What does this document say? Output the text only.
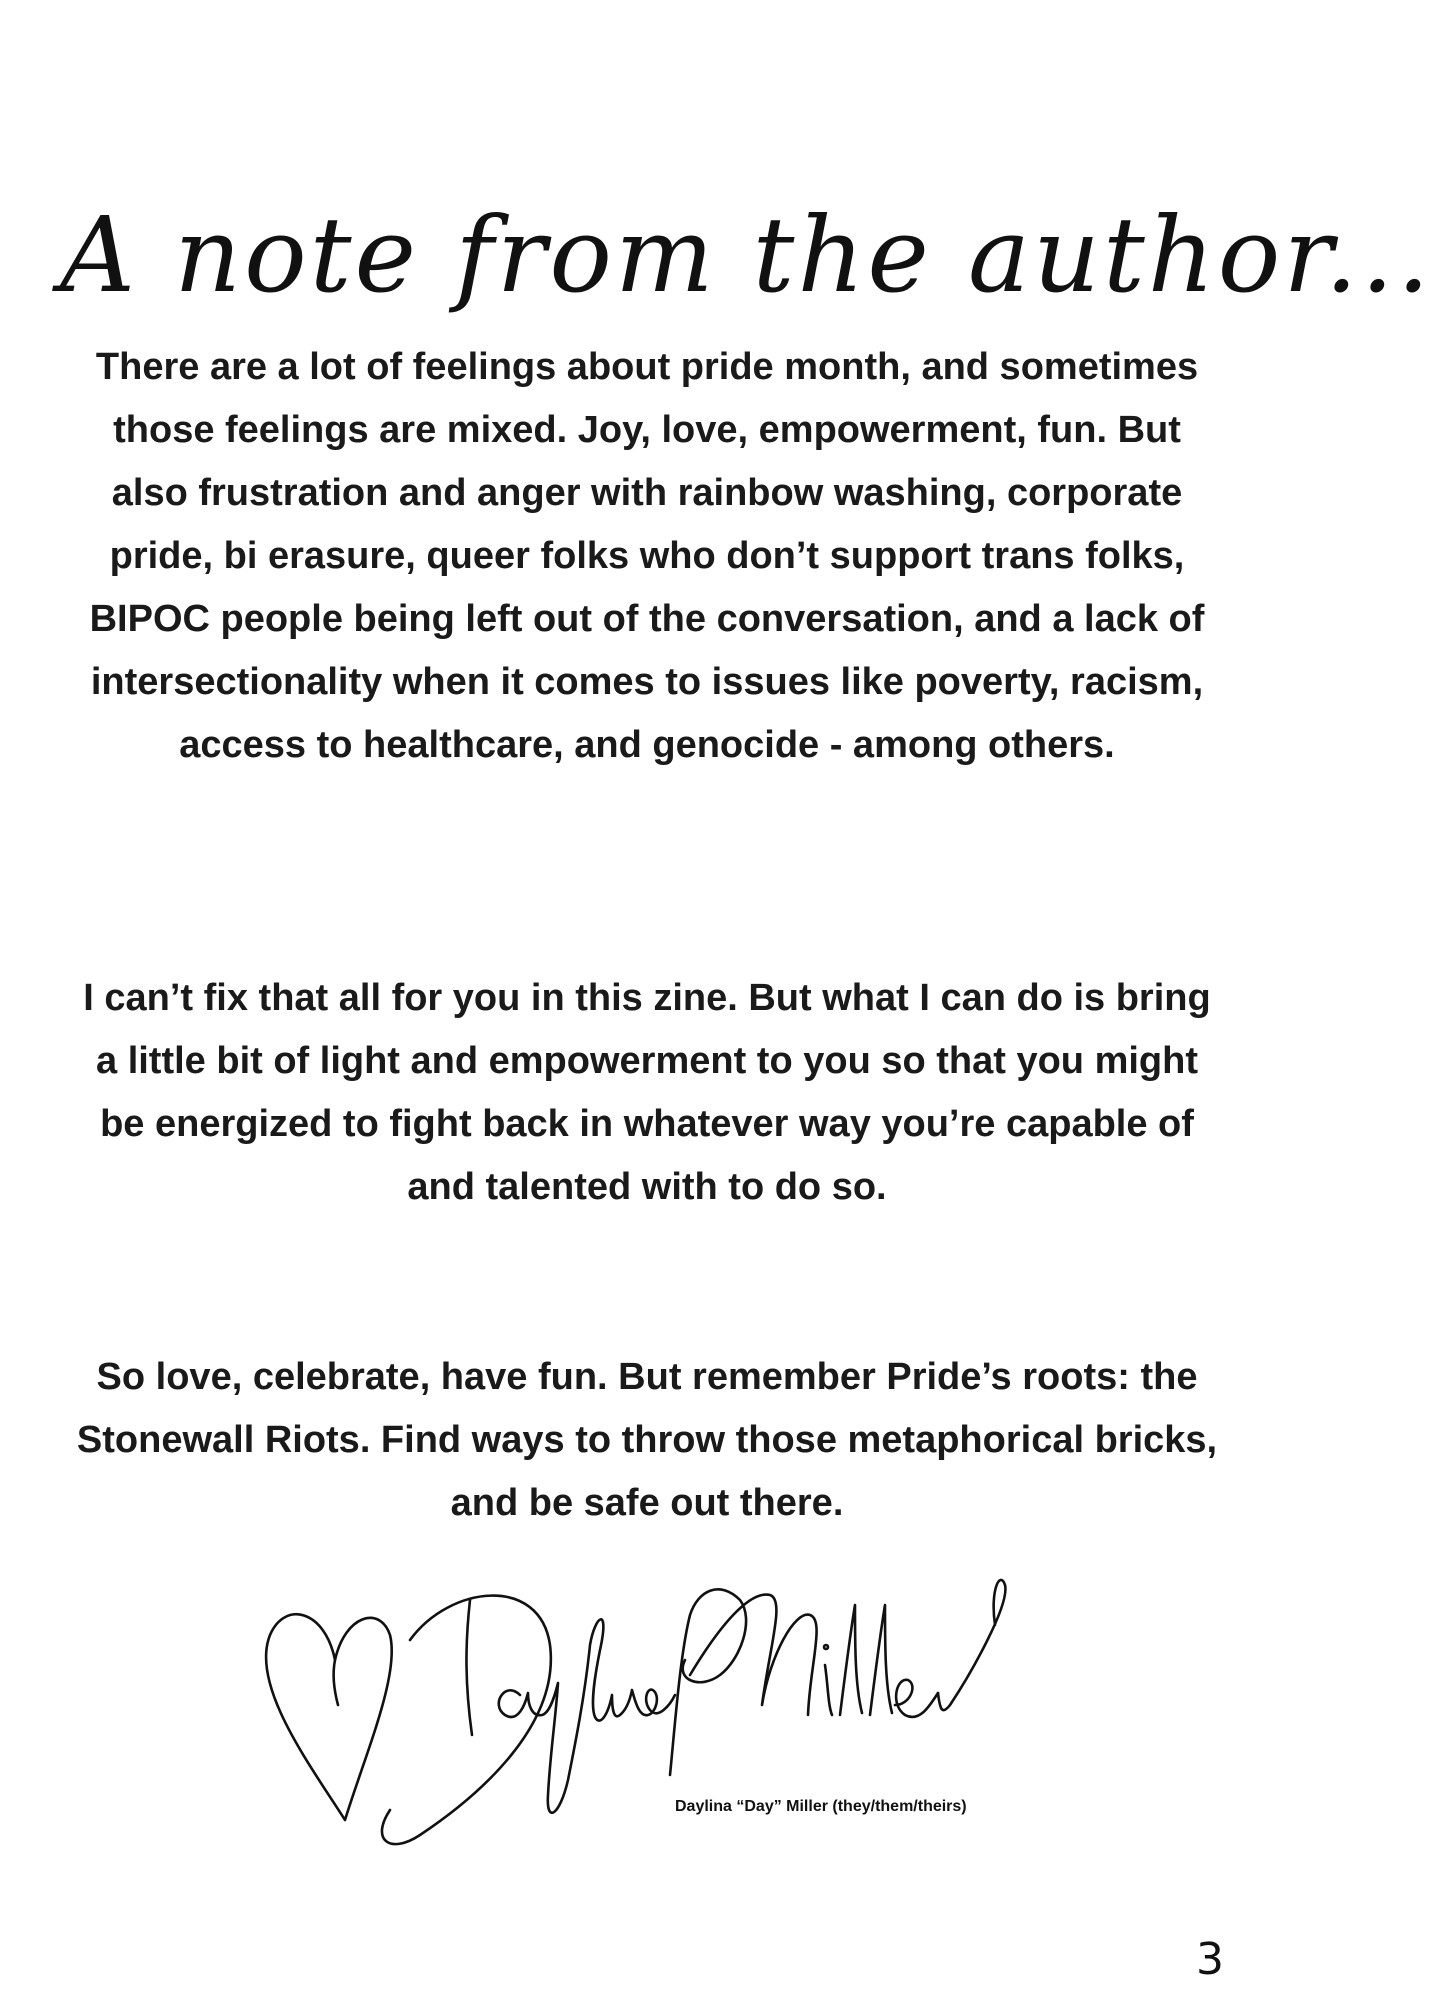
A note from the author...

There are a lot of feelings about pride month, and sometimes those feelings are mixed. Joy, love, empowerment, fun. But also frustration and anger with rainbow washing, corporate pride, bi erasure, queer folks who don’t support trans folks, BIPOC people being left out of the conversation, and a lack of intersectionality when it comes to issues like poverty, racism, access to healthcare, and genocide - among others.

I can’t fix that all for you in this zine. But what I can do is bring a little bit of light and empowerment to you so that you might be energized to fight back in whatever way you’re capable of and talented with to do so.

So love, celebrate, have fun. But remember Pride’s roots: the Stonewall Riots. Find ways to throw those metaphorical bricks, and be safe out there.

Daylina “Day” Miller (they/them/theirs)
3
